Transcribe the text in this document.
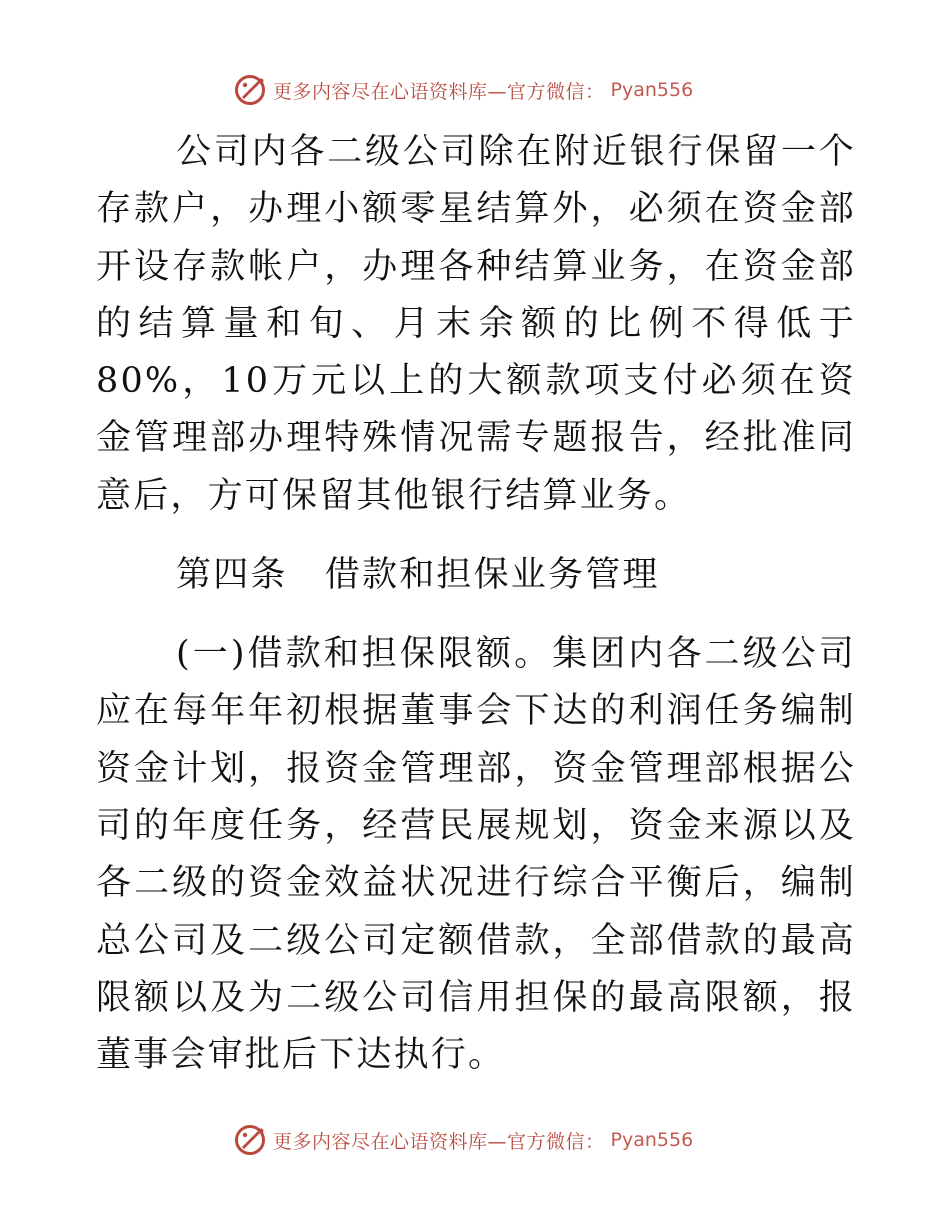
更多内容尽在心语资料库—官方微信： Pyan556

公司内各二级公司除在附近银行保留一个存款户，办理小额零星结算外，必须在资金部开设存款帐户，办理各种结算业务，在资金部的结算量和旬、月末余额的比例不得低于80%，10万元以上的大额款项支付必须在资金管理部办理特殊情况需专题报告，经批准同意后，方可保留其他银行结算业务。

第四条　借款和担保业务管理

(一)借款和担保限额。集团内各二级公司应在每年年初根据董事会下达的利润任务编制资金计划，报资金管理部，资金管理部根据公司的年度任务，经营民展规划，资金来源以及各二级的资金效益状况进行综合平衡后，编制总公司及二级公司定额借款，全部借款的最高限额以及为二级公司信用担保的最高限额，报董事会审批后下达执行。

更多内容尽在心语资料库—官方微信： Pyan556
